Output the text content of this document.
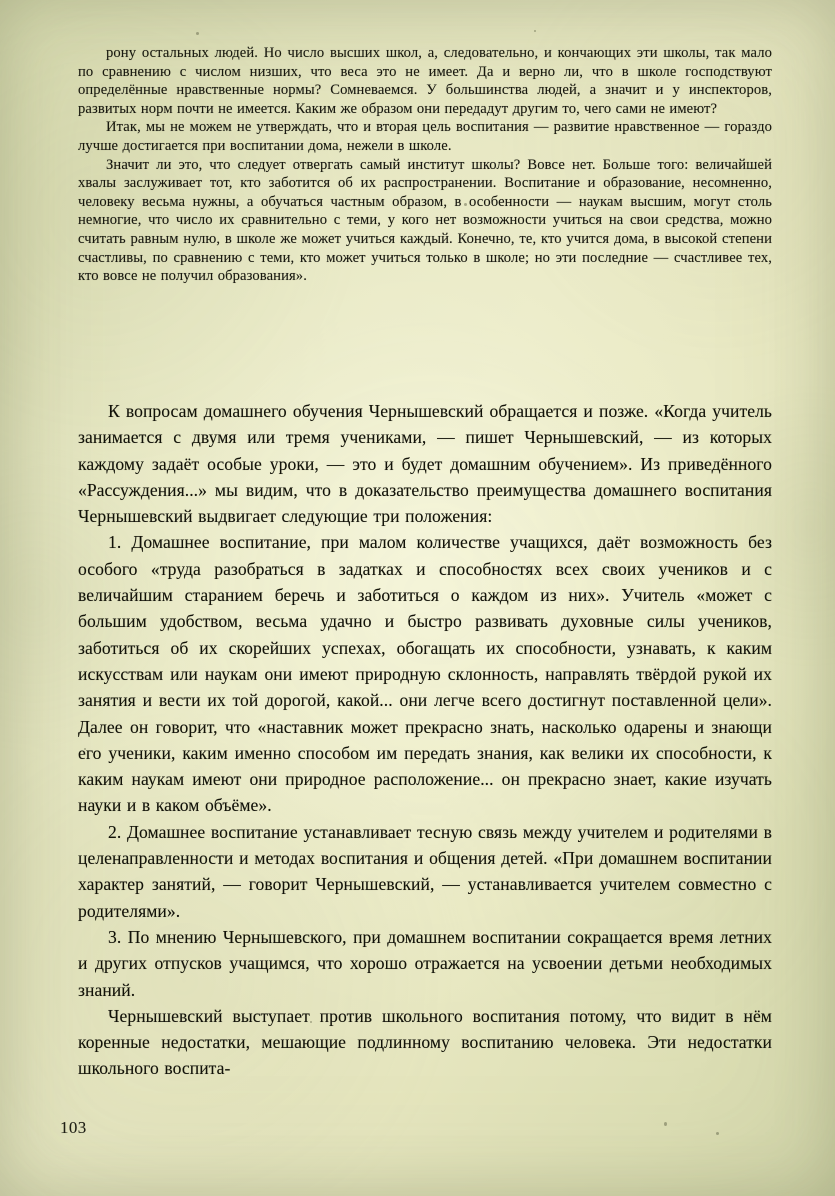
рону остальных людей. Но число высших школ, а, следовательно, и кончающих эти школы, так мало по сравнению с числом низших, что веса это не имеет. Да и верно ли, что в школе господствуют определённые нравственные нормы? Сомневаемся. У большинства людей, а значит и у инспекторов, развитых норм почти не имеется. Каким же образом они передадут другим то, чего сами не имеют?

Итак, мы не можем не утверждать, что и вторая цель воспитания — развитие нравственное — гораздо лучше достигается при воспитании дома, нежели в школе.

Значит ли это, что следует отвергать самый институт школы? Вовсе нет. Больше того: величайшей хвалы заслуживает тот, кто заботится об их распространении. Воспитание и образование, несомненно, человеку весьма нужны, а обучаться частным образом, в особенности — наукам высшим, могут столь немногие, что число их сравнительно с теми, у кого нет возможности учиться на свои средства, можно считать равным нулю, в школе же может учиться каждый. Конечно, те, кто учится дома, в высокой степени счастливы, по сравнению с теми, кто может учиться только в школе; но эти последние — счастливее тех, кто вовсе не получил образования».

К вопросам домашнего обучения Чернышевский обращается и позже. «Когда учитель занимается с двумя или тремя учениками, — пишет Чернышевский, — из которых каждому задаёт особые уроки, — это и будет домашним обучением». Из приведённого «Рассуждения...» мы видим, что в доказательство преимущества домашнего воспитания Чернышевский выдвигает следующие три положения:

1. Домашнее воспитание, при малом количестве учащихся, даёт возможность без особого «труда разобраться в задатках и способностях всех своих учеников и с величайшим старанием беречь и заботиться о каждом из них». Учитель «может с большим удобством, весьма удачно и быстро развивать духовные силы учеников, заботиться об их скорейших успехах, обогащать их способности, узнавать, к каким искусствам или наукам они имеют природную склонность, направлять твёрдой рукой их занятия и вести их той дорогой, какой... они легче всего достигнут поставленной цели». Далее он говорит, что «наставник может прекрасно знать, насколько одарены и знающи его ученики, каким именно способом им передать знания, как велики их способности, к каким наукам имеют они природное расположение... он прекрасно знает, какие изучать науки и в каком объёме».

2. Домашнее воспитание устанавливает тесную связь между учителем и родителями в целенаправленности и методах воспитания и общения детей. «При домашнем воспитании характер занятий, — говорит Чернышевский, — устанавливается учителем совместно с родителями».

3. По мнению Чернышевского, при домашнем воспитании сокращается время летних и других отпусков учащимся, что хорошо отражается на усвоении детьми необходимых знаний.

Чернышевский выступает против школьного воспитания потому, что видит в нём коренные недостатки, мешающие подлинному воспитанию человека. Эти недостатки школьного воспита-

103
